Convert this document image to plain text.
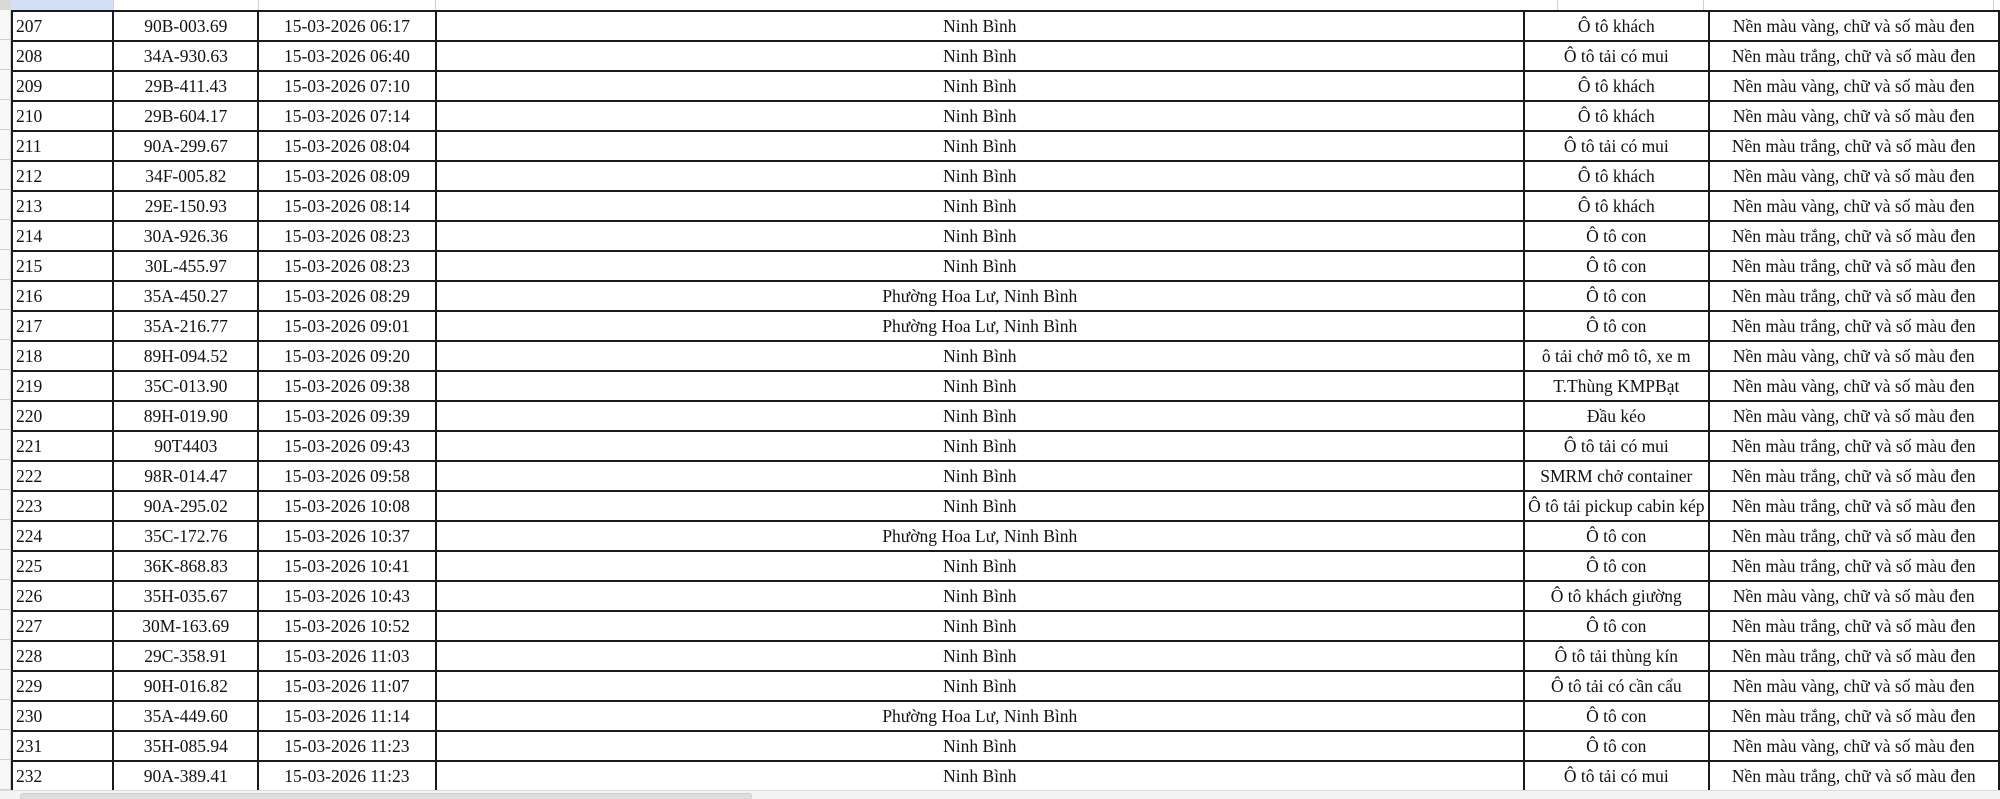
207	90B-003.69	15-03-2026 06:17	Ninh Bình	Ô tô khách	Nền màu vàng, chữ và số màu đen
208	34A-930.63	15-03-2026 06:40	Ninh Bình	Ô tô tải có mui	Nền màu trắng, chữ và số màu đen
209	29B-411.43	15-03-2026 07:10	Ninh Bình	Ô tô khách	Nền màu vàng, chữ và số màu đen
210	29B-604.17	15-03-2026 07:14	Ninh Bình	Ô tô khách	Nền màu vàng, chữ và số màu đen
211	90A-299.67	15-03-2026 08:04	Ninh Bình	Ô tô tải có mui	Nền màu trắng, chữ và số màu đen
212	34F-005.82	15-03-2026 08:09	Ninh Bình	Ô tô khách	Nền màu vàng, chữ và số màu đen
213	29E-150.93	15-03-2026 08:14	Ninh Bình	Ô tô khách	Nền màu vàng, chữ và số màu đen
214	30A-926.36	15-03-2026 08:23	Ninh Bình	Ô tô con	Nền màu trắng, chữ và số màu đen
215	30L-455.97	15-03-2026 08:23	Ninh Bình	Ô tô con	Nền màu trắng, chữ và số màu đen
216	35A-450.27	15-03-2026 08:29	Phường Hoa Lư, Ninh Bình	Ô tô con	Nền màu trắng, chữ và số màu đen
217	35A-216.77	15-03-2026 09:01	Phường Hoa Lư, Ninh Bình	Ô tô con	Nền màu trắng, chữ và số màu đen
218	89H-094.52	15-03-2026 09:20	Ninh Bình	ô tải chở mô tô, xe m	Nền màu vàng, chữ và số màu đen
219	35C-013.90	15-03-2026 09:38	Ninh Bình	T.Thùng KMPBạt	Nền màu vàng, chữ và số màu đen
220	89H-019.90	15-03-2026 09:39	Ninh Bình	Đầu kéo	Nền màu vàng, chữ và số màu đen
221	90T4403	15-03-2026 09:43	Ninh Bình	Ô tô tải có mui	Nền màu trắng, chữ và số màu đen
222	98R-014.47	15-03-2026 09:58	Ninh Bình	SMRM chở container	Nền màu trắng, chữ và số màu đen
223	90A-295.02	15-03-2026 10:08	Ninh Bình	Ô tô tải pickup cabin kép	Nền màu trắng, chữ và số màu đen
224	35C-172.76	15-03-2026 10:37	Phường Hoa Lư, Ninh Bình	Ô tô con	Nền màu trắng, chữ và số màu đen
225	36K-868.83	15-03-2026 10:41	Ninh Bình	Ô tô con	Nền màu trắng, chữ và số màu đen
226	35H-035.67	15-03-2026 10:43	Ninh Bình	Ô tô khách giường	Nền màu vàng, chữ và số màu đen
227	30M-163.69	15-03-2026 10:52	Ninh Bình	Ô tô con	Nền màu trắng, chữ và số màu đen
228	29C-358.91	15-03-2026 11:03	Ninh Bình	Ô tô tải thùng kín	Nền màu trắng, chữ và số màu đen
229	90H-016.82	15-03-2026 11:07	Ninh Bình	Ô tô tải có cần cẩu	Nền màu vàng, chữ và số màu đen
230	35A-449.60	15-03-2026 11:14	Phường Hoa Lư, Ninh Bình	Ô tô con	Nền màu trắng, chữ và số màu đen
231	35H-085.94	15-03-2026 11:23	Ninh Bình	Ô tô con	Nền màu vàng, chữ và số màu đen
232	90A-389.41	15-03-2026 11:23	Ninh Bình	Ô tô tải có mui	Nền màu trắng, chữ và số màu đen
